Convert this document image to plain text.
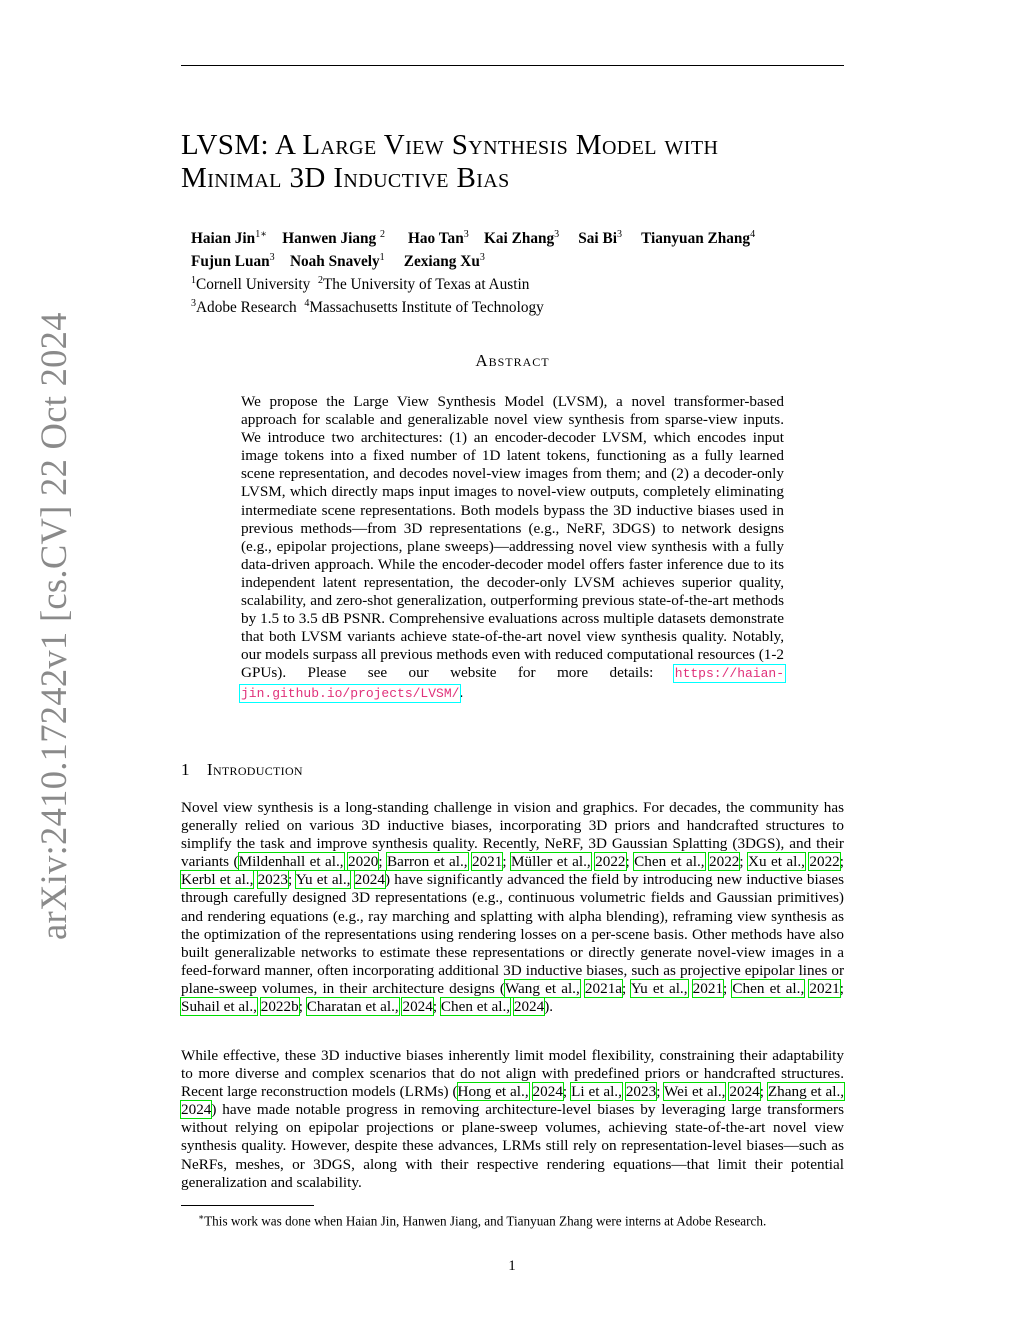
arXiv:2410.17242v1 [cs.CV] 22 Oct 2024
LVSM: A Large View Synthesis Model with
Minimal 3D Inductive Bias
Haian Jin$^{1∗}$ Hanwen Jiang $^2$ Hao Tan$^3$ Kai Zhang$^3$ Sai Bi$^3$ Tianyuan Zhang$^4$
Fujun Luan$^3$ Noah Snavely$^1$ Zexiang Xu$^3$
$^1$Cornell University $^2$The University of Texas at Austin
$^3$Adobe Research $^4$Massachusetts Institute of Technology
Abstract
We propose the Large View Synthesis Model (LVSM), a novel transformer-based approach for scalable and generalizable novel view synthesis from sparse-view inputs. We introduce two architectures: (1) an encoder-decoder LVSM, which encodes input image tokens into a fixed number of 1D latent tokens, functioning as a fully learned scene representation, and decodes novel-view images from them; and (2) a decoder-only LVSM, which directly maps input images to novel-view outputs, completely eliminating intermediate scene representations. Both models bypass the 3D inductive biases used in previous methods—from 3D representations (e.g., NeRF, 3DGS) to network designs (e.g., epipolar projections, plane sweeps)—addressing novel view synthesis with a fully data-driven approach. While the encoder-decoder model offers faster inference due to its independent latent representation, the decoder-only LVSM achieves superior quality, scalability, and zero-shot generalization, outperforming previous state-of-the-art methods by 1.5 to 3.5 dB PSNR. Comprehensive evaluations across multiple datasets demonstrate that both LVSM variants achieve state-of-the-art novel view synthesis quality. Notably, our models surpass all previous methods even with reduced computational resources (1-2 GPUs). Please see our website for more details: https://haian-jin.github.io/projects/LVSM/.
1 Introduction
Novel view synthesis is a long-standing challenge in vision and graphics. For decades, the community has generally relied on various 3D inductive biases, incorporating 3D priors and handcrafted structures to simplify the task and improve synthesis quality. Recently, NeRF, 3D Gaussian Splatting (3DGS), and their variants (Mildenhall et al., 2020; Barron et al., 2021; Müller et al., 2022; Chen et al., 2022; Xu et al., 2022; Kerbl et al., 2023; Yu et al., 2024) have significantly advanced the field by introducing new inductive biases through carefully designed 3D representations (e.g., continuous volumetric fields and Gaussian primitives) and rendering equations (e.g., ray marching and splatting with alpha blending), reframing view synthesis as the optimization of the representations using rendering losses on a per-scene basis. Other methods have also built generalizable networks to estimate these representations or directly generate novel-view images in a feed-forward manner, often incorporating additional 3D inductive biases, such as projective epipolar lines or plane-sweep volumes, in their architecture designs (Wang et al., 2021a; Yu et al., 2021; Chen et al., 2021; Suhail et al., 2022b; Charatan et al., 2024; Chen et al., 2024).
While effective, these 3D inductive biases inherently limit model flexibility, constraining their adaptability to more diverse and complex scenarios that do not align with predefined priors or handcrafted structures. Recent large reconstruction models (LRMs) (Hong et al., 2024; Li et al., 2023; Wei et al., 2024; Zhang et al., 2024) have made notable progress in removing architecture-level biases by leveraging large transformers without relying on epipolar projections or plane-sweep volumes, achieving state-of-the-art novel view synthesis quality. However, despite these advances, LRMs still rely on representation-level biases—such as NeRFs, meshes, or 3DGS, along with their respective rendering equations—that limit their potential generalization and scalability.
∗This work was done when Haian Jin, Hanwen Jiang, and Tianyuan Zhang were interns at Adobe Research.
1
